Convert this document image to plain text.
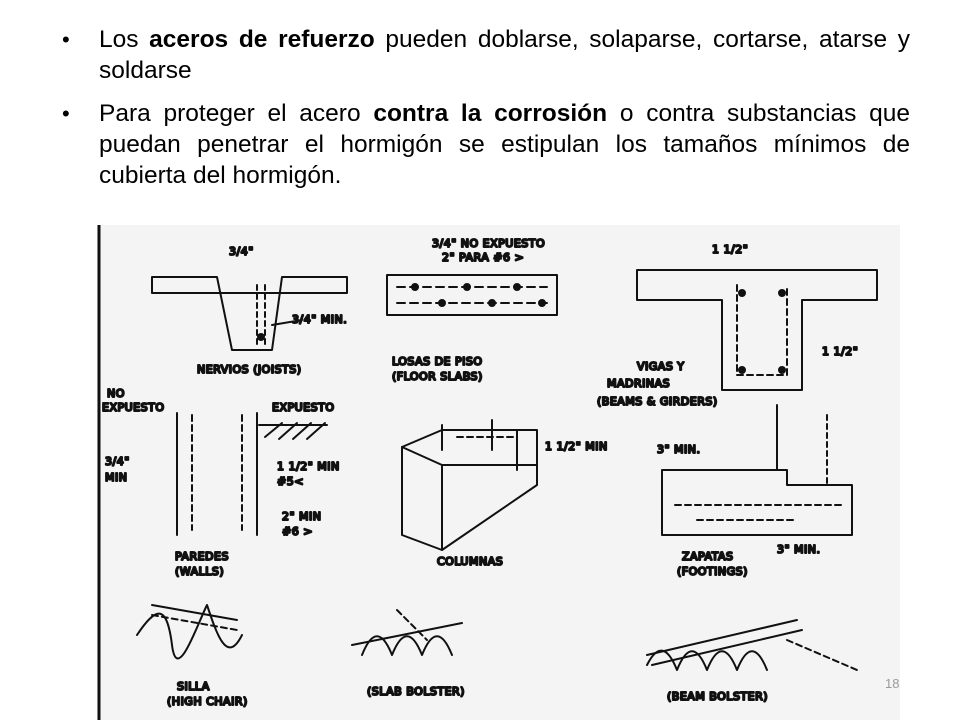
• Los aceros de refuerzo pueden doblarse, solaparse, cortarse, atarse y soldarse
• Para proteger el acero contra la corrosión o contra substancias que puedan penetrar el hormigón se estipulan los tamaños mínimos de cubierta del hormigón.
3/4"
3/4" MIN.
NERVIOS (JOISTS)
3/4" NO EXPUESTO
2" PARA #6 >
LOSAS DE PISO
(FLOOR SLABS)
1 1/2"
1 1/2"
VIGAS Y
MADRINAS
(BEAMS & GIRDERS)
NO
EXPUESTO	EXPUESTO
3/4"
MIN
1 1/2" MIN
#5<
2" MIN
#6 >
PAREDES
(WALLS)
1 1/2" MIN
COLUMNAS
3" MIN.
3" MIN.
ZAPATAS
(FOOTINGS)
SILLA
(HIGH CHAIR)
(SLAB BOLSTER)	(BEAM BOLSTER)
18
